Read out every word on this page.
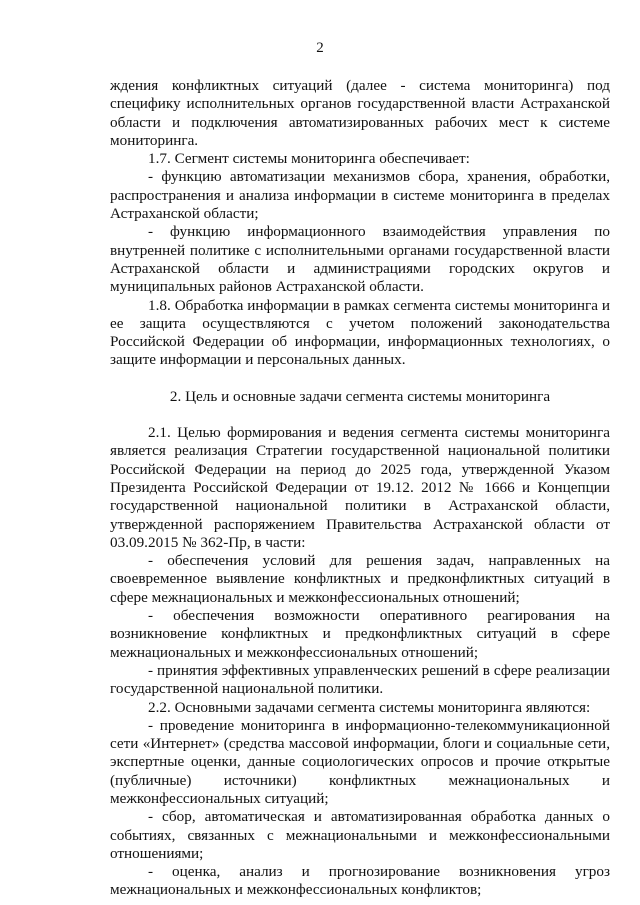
2

ждения конфликтных ситуаций (далее - система мониторинга) под специфику исполнительных органов государственной власти Астраханской области и подключения автоматизированных рабочих мест к системе мониторинга.

1.7. Сегмент системы мониторинга обеспечивает:

- функцию автоматизации механизмов сбора, хранения, обработки, распространения и анализа информации в системе мониторинга в пределах Астраханской области;

- функцию информационного взаимодействия управления по внутренней политике с исполнительными органами государственной власти Астраханской области и администрациями городских округов и муниципальных районов Астраханской области.

1.8. Обработка информации в рамках сегмента системы мониторинга и ее защита осуществляются с учетом положений законодательства Российской Федерации об информации, информационных технологиях, о защите информации и персональных данных.

2. Цель и основные задачи сегмента системы мониторинга

2.1. Целью формирования и ведения сегмента системы мониторинга является реализация Стратегии государственной национальной политики Российской Федерации на период до 2025 года, утвержденной Указом Президента Российской Федерации от 19.12. 2012 № 1666 и Концепции государственной национальной политики в Астраханской области, утвержденной распоряжением Правительства Астраханской области от 03.09.2015 № 362-Пр, в части:

- обеспечения условий для решения задач, направленных на своевременное выявление конфликтных и предконфликтных ситуаций в сфере межнациональных и межконфессиональных отношений;

- обеспечения возможности оперативного реагирования на возникновение конфликтных и предконфликтных ситуаций в сфере межнациональных и межконфессиональных отношений;

- принятия эффективных управленческих решений в сфере реализации государственной национальной политики.

2.2. Основными задачами сегмента системы мониторинга являются:

- проведение мониторинга в информационно-телекоммуникационной сети «Интернет» (средства массовой информации, блоги и социальные сети, экспертные оценки, данные социологических опросов и прочие открытые (публичные) источники) конфликтных межнациональных и межконфессиональных ситуаций;

- сбор, автоматическая и автоматизированная обработка данных о событиях, связанных с межнациональными и межконфессиональными отношениями;

- оценка, анализ и прогнозирование возникновения угроз межнациональных и межконфессиональных конфликтов;
